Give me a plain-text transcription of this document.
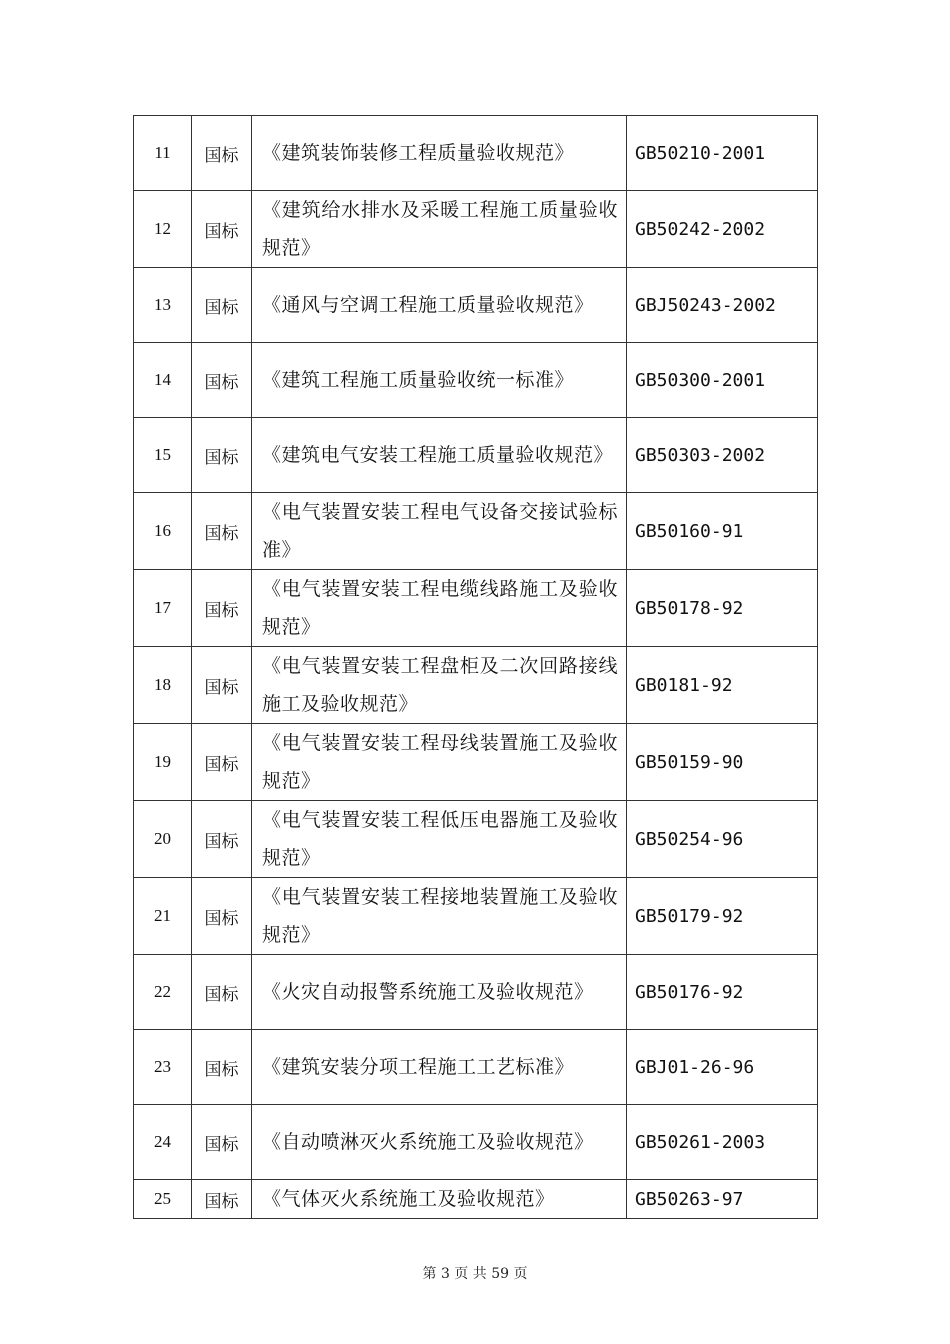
11	国标	《建筑装饰装修工程质量验收规范》	GB50210-2001
12	国标	《建筑给水排水及采暖工程施工质量验收规范》	GB50242-2002
13	国标	《通风与空调工程施工质量验收规范》	GBJ50243-2002
14	国标	《建筑工程施工质量验收统一标准》	GB50300-2001
15	国标	《建筑电气安装工程施工质量验收规范》	GB50303-2002
16	国标	《电气装置安装工程电气设备交接试验标准》	GB50160-91
17	国标	《电气装置安装工程电缆线路施工及验收规范》	GB50178-92
18	国标	《电气装置安装工程盘柜及二次回路接线施工及验收规范》	GB0181-92
19	国标	《电气装置安装工程母线装置施工及验收规范》	GB50159-90
20	国标	《电气装置安装工程低压电器施工及验收规范》	GB50254-96
21	国标	《电气装置安装工程接地装置施工及验收规范》	GB50179-92
22	国标	《火灾自动报警系统施工及验收规范》	GB50176-92
23	国标	《建筑安装分项工程施工工艺标准》	GBJ01-26-96
24	国标	《自动喷淋灭火系统施工及验收规范》	GB50261-2003
25	国标	《气体灭火系统施工及验收规范》	GB50263-97
第 3 页 共 59 页
